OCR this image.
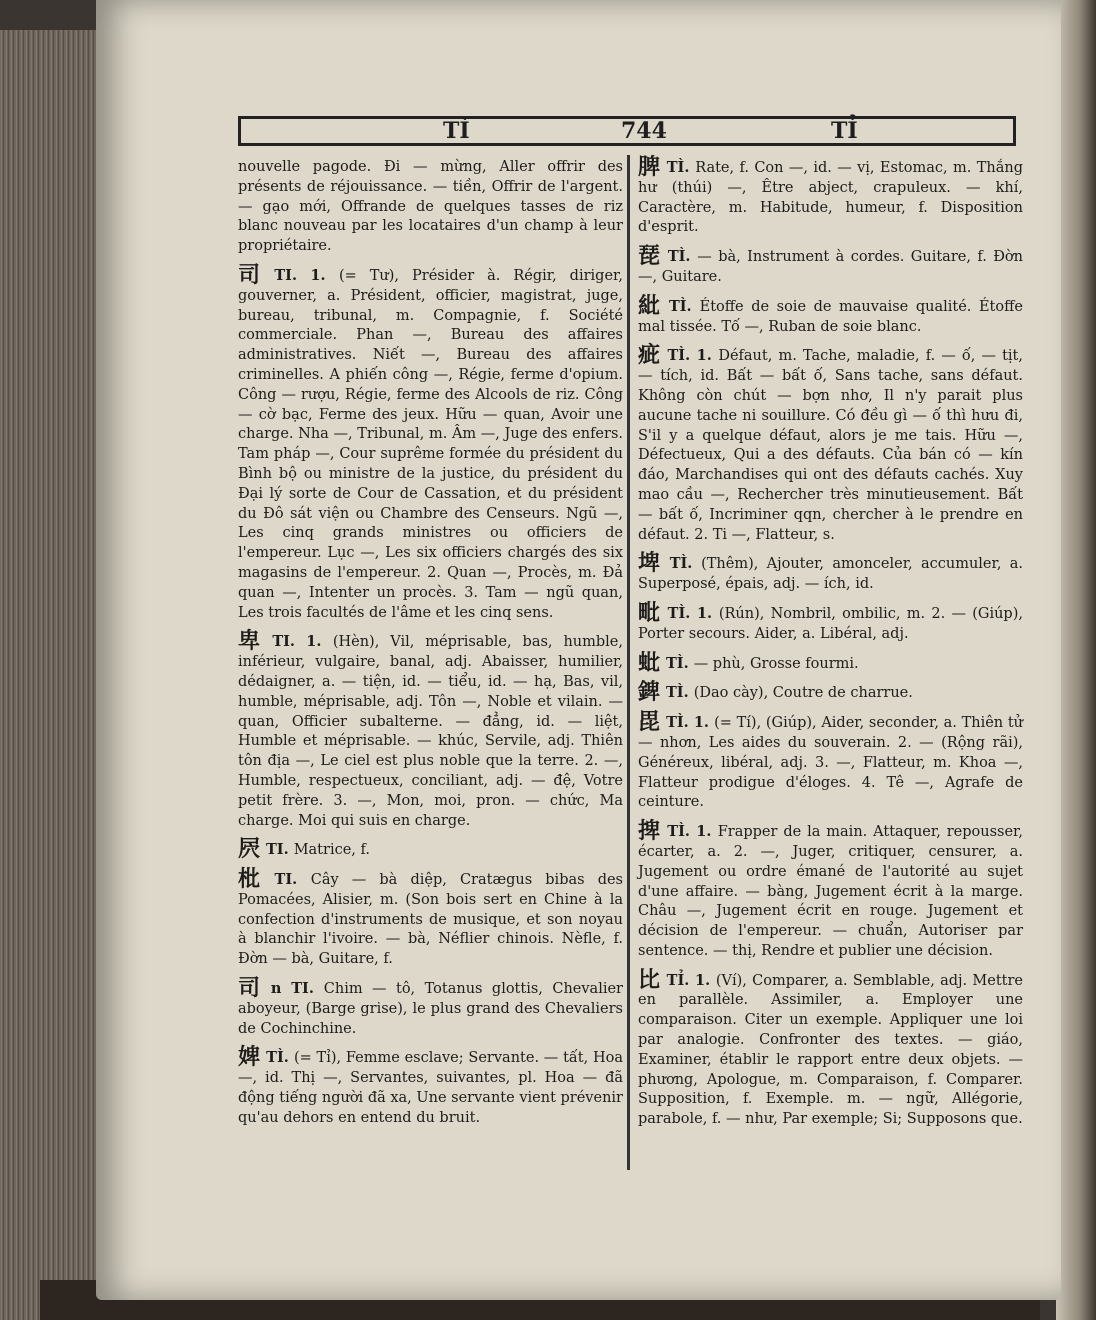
TÌ	744	TỈ
nouvelle pagode. Đi — mừng, Aller offrir des présents de réjouissance. — tiền, Offrir de l'argent. — gạo mới, Offrande de quelques tasses de riz blanc nouveau par les locataires d'un champ à leur propriétaire.
司TI. 1. (= Tư), Présider à. Régir, diriger, gouverner, a. Président, officier, magistrat, juge, bureau, tribunal, m. Compagnie, f. Société commerciale. Phan —, Bureau des affaires administratives. Niết —, Bureau des affaires criminelles. A phiến công —, Régie, ferme d'opium. Công — rượu, Régie, ferme des Alcools de riz. Công — cờ bạc, Ferme des jeux. Hữu — quan, Avoir une charge. Nha —, Tribunal, m. Âm —, Juge des enfers. Tam pháp —, Cour suprême formée du président du Bình bộ ou ministre de la justice, du président du Đại lý sorte de Cour de Cassation, et du président du Đô sát viện ou Chambre des Censeurs. Ngũ —, Les cinq grands ministres ou officiers de l'empereur. Lục —, Les six officiers chargés des six magasins de l'empereur. 2. Quan —, Procès, m. Đả quan —, Intenter un procès. 3. Tam — ngũ quan, Les trois facultés de l'âme et les cinq sens.
卑TI. 1. (Hèn), Vil, méprisable, bas, humble, inférieur, vulgaire, banal, adj. Abaisser, humilier, dédaigner, a. — tiện, id. — tiểu, id. — hạ, Bas, vil, humble, méprisable, adj. Tôn —, Noble et vilain. — quan, Officier subalterne. — đẳng, id. — liệt, Humble et méprisable. — khúc, Servile, adj. Thiên tôn địa —, Le ciel est plus noble que la terre. 2. —, Humble, respectueux, conciliant, adj. — đệ, Votre petit frère. 3. —, Mon, moi, pron. — chức, Ma charge. Moi qui suis en charge.
屄TI. Matrice, f.
枇TI. Cây — bà diệp, Cratægus bibas des Pomacées, Alisier, m. (Son bois sert en Chine à la confection d'instruments de musique, et son noyau à blanchir l'ivoire. — bà, Néflier chinois. Nèfle, f. Đờn — bà, Guitare, f.
司n TI. Chim — tô, Totanus glottis, Chevalier aboyeur, (Barge grise), le plus grand des Chevaliers de Cochinchine.
婢TÌ. (= Tỉ), Femme esclave; Servante. — tất, Hoa —, id. Thị —, Servantes, suivantes, pl. Hoa — đã động tiếng người đã xa, Une servante vient prévenir qu'au dehors en entend du bruit.
脾TÌ. Rate, f. Con —, id. — vị, Estomac, m. Thắng hư (thúi) —, Être abject, crapuleux. — khí, Caractère, m. Habitude, humeur, f. Disposition d'esprit.
琵TÌ. — bà, Instrument à cordes. Guitare, f. Đờn —, Guitare.
紕TÌ. Étoffe de soie de mauvaise qualité. Étoffe mal tissée. Tố —, Ruban de soie blanc.
疵TÌ. 1. Défaut, m. Tache, maladie, f. — ố, — tịt, — tích, id. Bất — bất ố, Sans tache, sans défaut. Không còn chút — bợn nhơ, Il n'y parait plus aucune tache ni souillure. Có đều gì — ố thì hưu đi, S'il y a quelque défaut, alors je me tais. Hữu —, Défectueux, Qui a des défauts. Của bán có — kín đáo, Marchandises qui ont des défauts cachés. Xuy mao cầu —, Rechercher très minutieusement. Bất — bất ố, Incriminer qqn, chercher à le prendre en défaut. 2. Ti —, Flatteur, s.
埤TÌ. (Thêm), Ajouter, amonceler, accumuler, a. Superposé, épais, adj. — ích, id.
毗TÌ. 1. (Rún), Nombril, ombilic, m. 2. — (Giúp), Porter secours. Aider, a. Libéral, adj.
蚍TÌ. — phù, Grosse fourmi.
錍TÌ. (Dao cày), Coutre de charrue.
毘TÌ. 1. (= Tí), (Giúp), Aider, seconder, a. Thiên tử — nhơn, Les aides du souverain. 2. — (Rộng rãi), Généreux, libéral, adj. 3. —, Flatteur, m. Khoa —, Flatteur prodigue d'éloges. 4. Tê —, Agrafe de ceinture.
捭TÌ. 1. Frapper de la main. Attaquer, repousser, écarter, a. 2. —, Juger, critiquer, censurer, a. Jugement ou ordre émané de l'autorité au sujet d'une affaire. — bàng, Jugement écrit à la marge. Châu —, Jugement écrit en rouge. Jugement et décision de l'empereur. — chuẩn, Autoriser par sentence. — thị, Rendre et publier une décision.
比TỈ. 1. (Ví), Comparer, a. Semblable, adj. Mettre en parallèle. Assimiler, a. Employer une comparaison. Citer un exemple. Appliquer une loi par analogie. Confronter des textes. — giáo, Examiner, établir le rapport entre deux objets. — phương, Apologue, m. Comparaison, f. Comparer. Supposition, f. Exemple. m. — ngữ, Allégorie, parabole, f. — như, Par exemple; Si; Supposons que.
